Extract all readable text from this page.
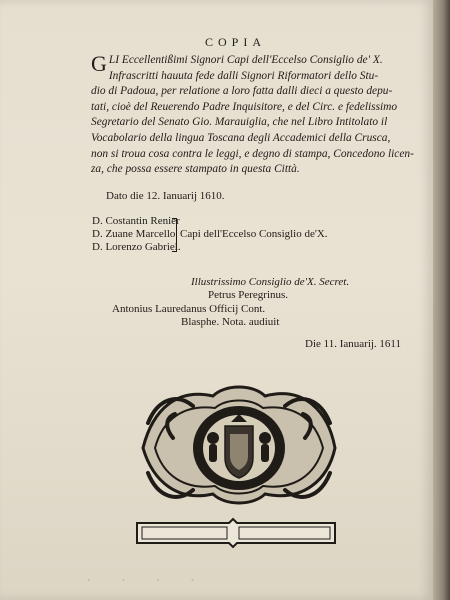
COPIA
G LI Eccellentißimi Signori Capi dell'Eccelso Consiglio de' X.
Infrascritti hauuta fede dalli Signori Riformatori dello Stu-
dio di Padoua, per relatione a loro fatta dalli dieci a questo depu-
tati, cioè del Reuerendo Padre Inquisitore, e del Circ. e fedelissimo
Segretario del Senato Gio. Marauiglia, che nel Libro Intitolato il
Vocabolario della lingua Toscana degli Accademici della Crusca,
non si troua cosa contra le leggi, e degno di stampa, Concedono licen-
za, che possa essere stampato in questa Città.
Dato die 12. Ianuarij 1610.
D. Costantin Renier
D. Zuane Marcello
D. Lorenzo Gabriel.
Capi dell'Eccelso Consiglio de'X.
Illustrissimo Consiglio de'X. Secret.
Petrus Peregrinus.
Antonius Lauredanus Officij Cont.
Blasphe. Nota. audiuit
Die 11. Ianuarij. 1611
· · · ·
